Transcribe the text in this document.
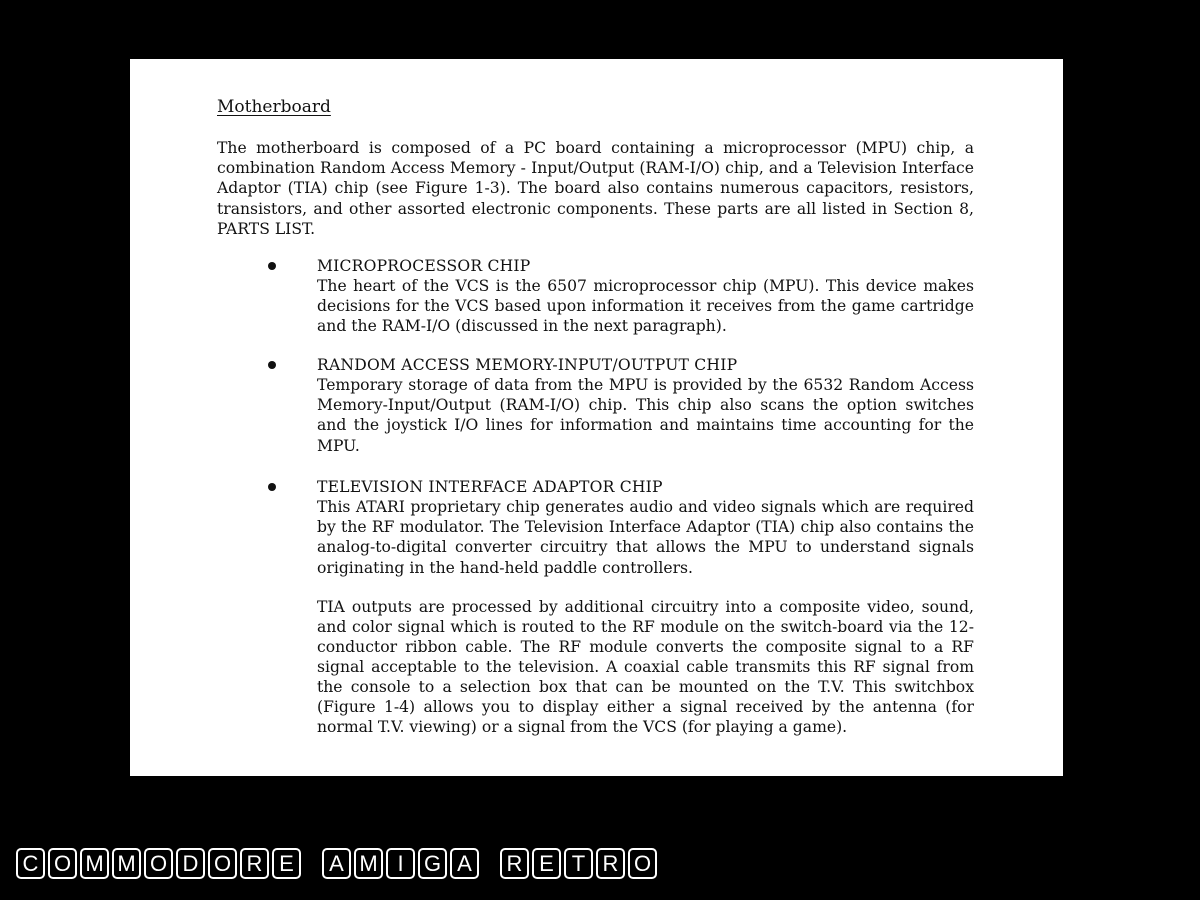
Motherboard

The motherboard is composed of a PC board containing a microprocessor (MPU) chip, a combination Random Access Memory - Input/Output (RAM-I/O) chip, and a Television Interface Adaptor (TIA) chip (see Figure 1-3). The board also contains numerous capacitors, resistors, transistors, and other assorted electronic components. These parts are all listed in Section 8, PARTS LIST.

MICROPROCESSOR CHIP

The heart of the VCS is the 6507 microprocessor chip (MPU). This device makes decisions for the VCS based upon information it receives from the game cartridge and the RAM-I/O (discussed in the next paragraph).

RANDOM ACCESS MEMORY-INPUT/OUTPUT CHIP

Temporary storage of data from the MPU is provided by the 6532 Random Access Memory-Input/Output (RAM-I/O) chip. This chip also scans the option switches and the joystick I/O lines for information and maintains time accounting for the MPU.

TELEVISION INTERFACE ADAPTOR CHIP

This ATARI proprietary chip generates audio and video signals which are required by the RF modulator. The Television Interface Adaptor (TIA) chip also contains the analog-to-digital converter circuitry that allows the MPU to understand signals originating in the hand-held paddle controllers.

TIA outputs are processed by additional circuitry into a composite video, sound, and color signal which is routed to the RF module on the switch-board via the 12-conductor ribbon cable. The RF module converts the composite signal to a RF signal acceptable to the television. A coaxial cable transmits this RF signal from the console to a selection box that can be mounted on the T.V. This switchbox (Figure 1-4) allows you to display either a signal received by the antenna (for normal T.V. viewing) or a signal from the VCS (for playing a game).

C O M M O D O R E	A M I G A	R E T R O
